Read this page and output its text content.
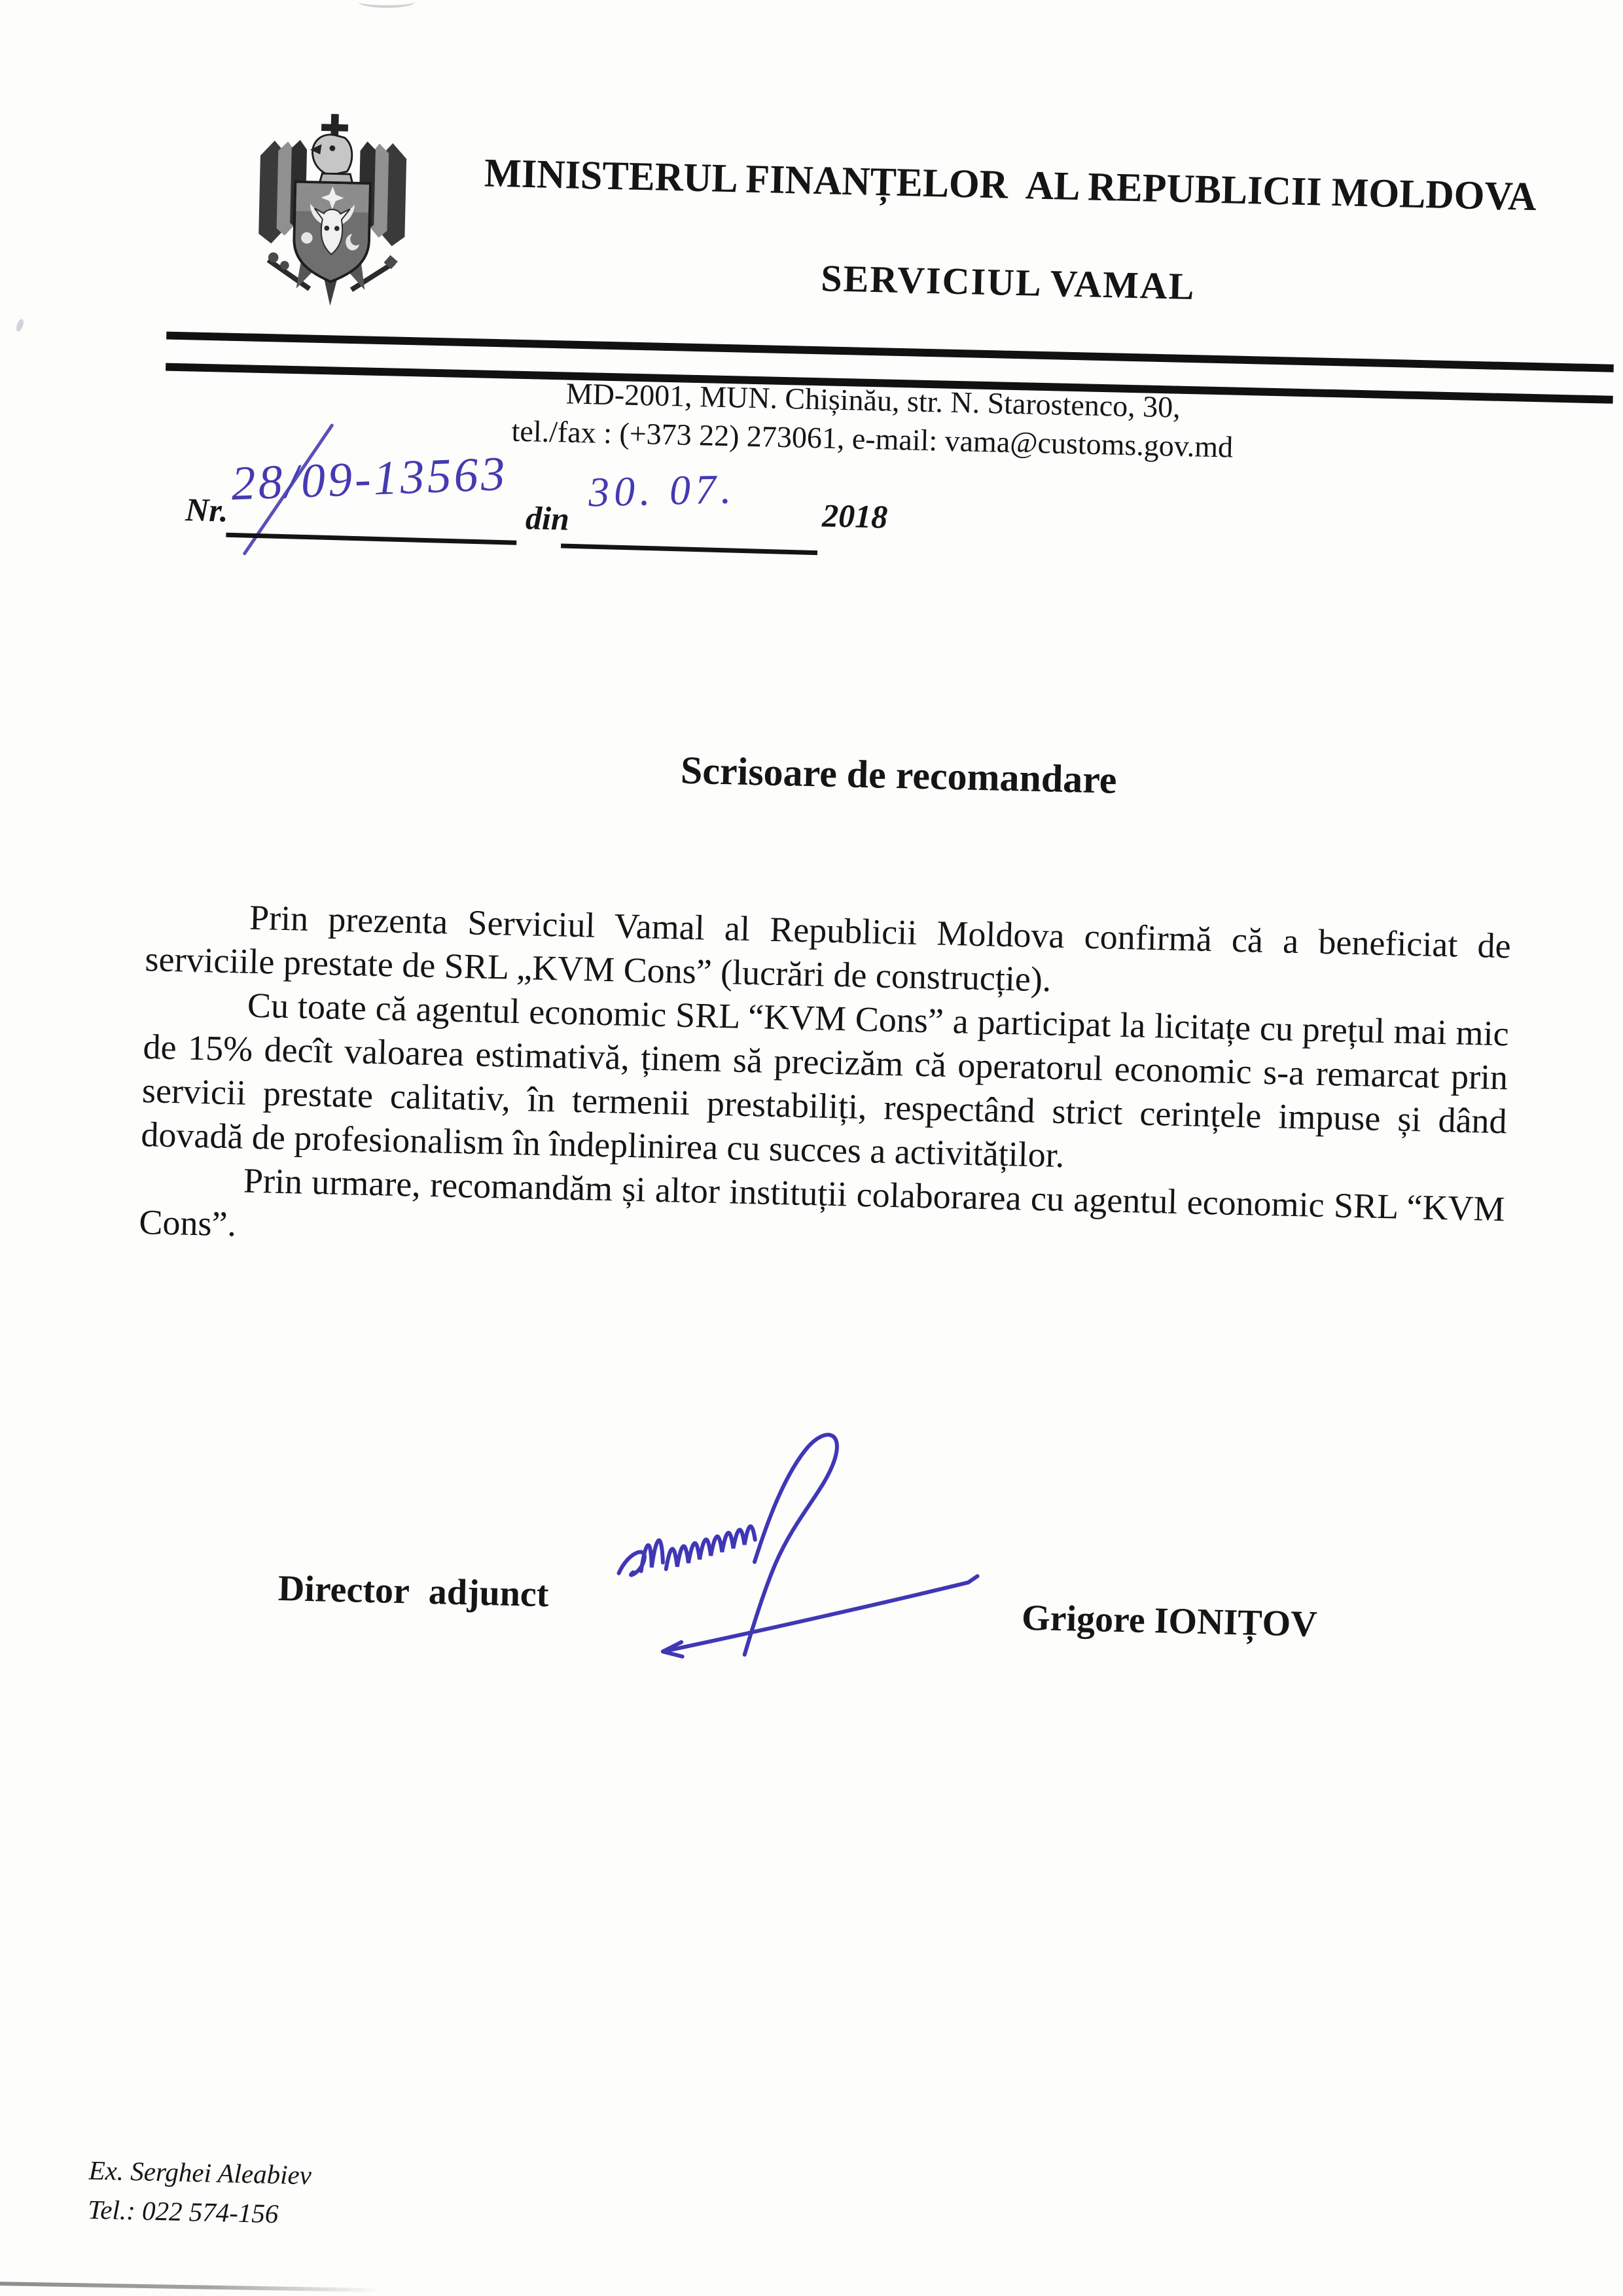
MINISTERUL FINANȚELOR  AL REPUBLICII MOLDOVA
SERVICIUL VAMAL
MD-2001, MUN. Chișinău, str. N. Starostenco, 30,
tel./fax : (+373 22) 273061, e-mail: vama@customs.gov.md
Nr. 28/09-13563
din
30. 07.
2018
Scrisoare de recomandare

Prin prezenta Serviciul Vamal al Republicii Moldova confirmă că a beneficiat de serviciile prestate de SRL „KVM Cons” (lucrări de construcție).

Cu toate că agentul economic SRL “KVM Cons” a participat la licitațe cu prețul mai mic de 15% decît valoarea estimativă, ținem să precizăm că operatorul economic s-a remarcat prin servicii prestate calitativ, în termenii prestabiliți, respectând strict cerințele impuse și dând dovadă de profesionalism în îndeplinirea cu succes a activităților.

Prin urmare, recomandăm și altor instituții colaborarea cu agentul economic SRL “KVM Cons”.

Director adjunct
Grigore IONIȚOV
Ex. Serghei Aleabiev
Tel.: 022 574-156
